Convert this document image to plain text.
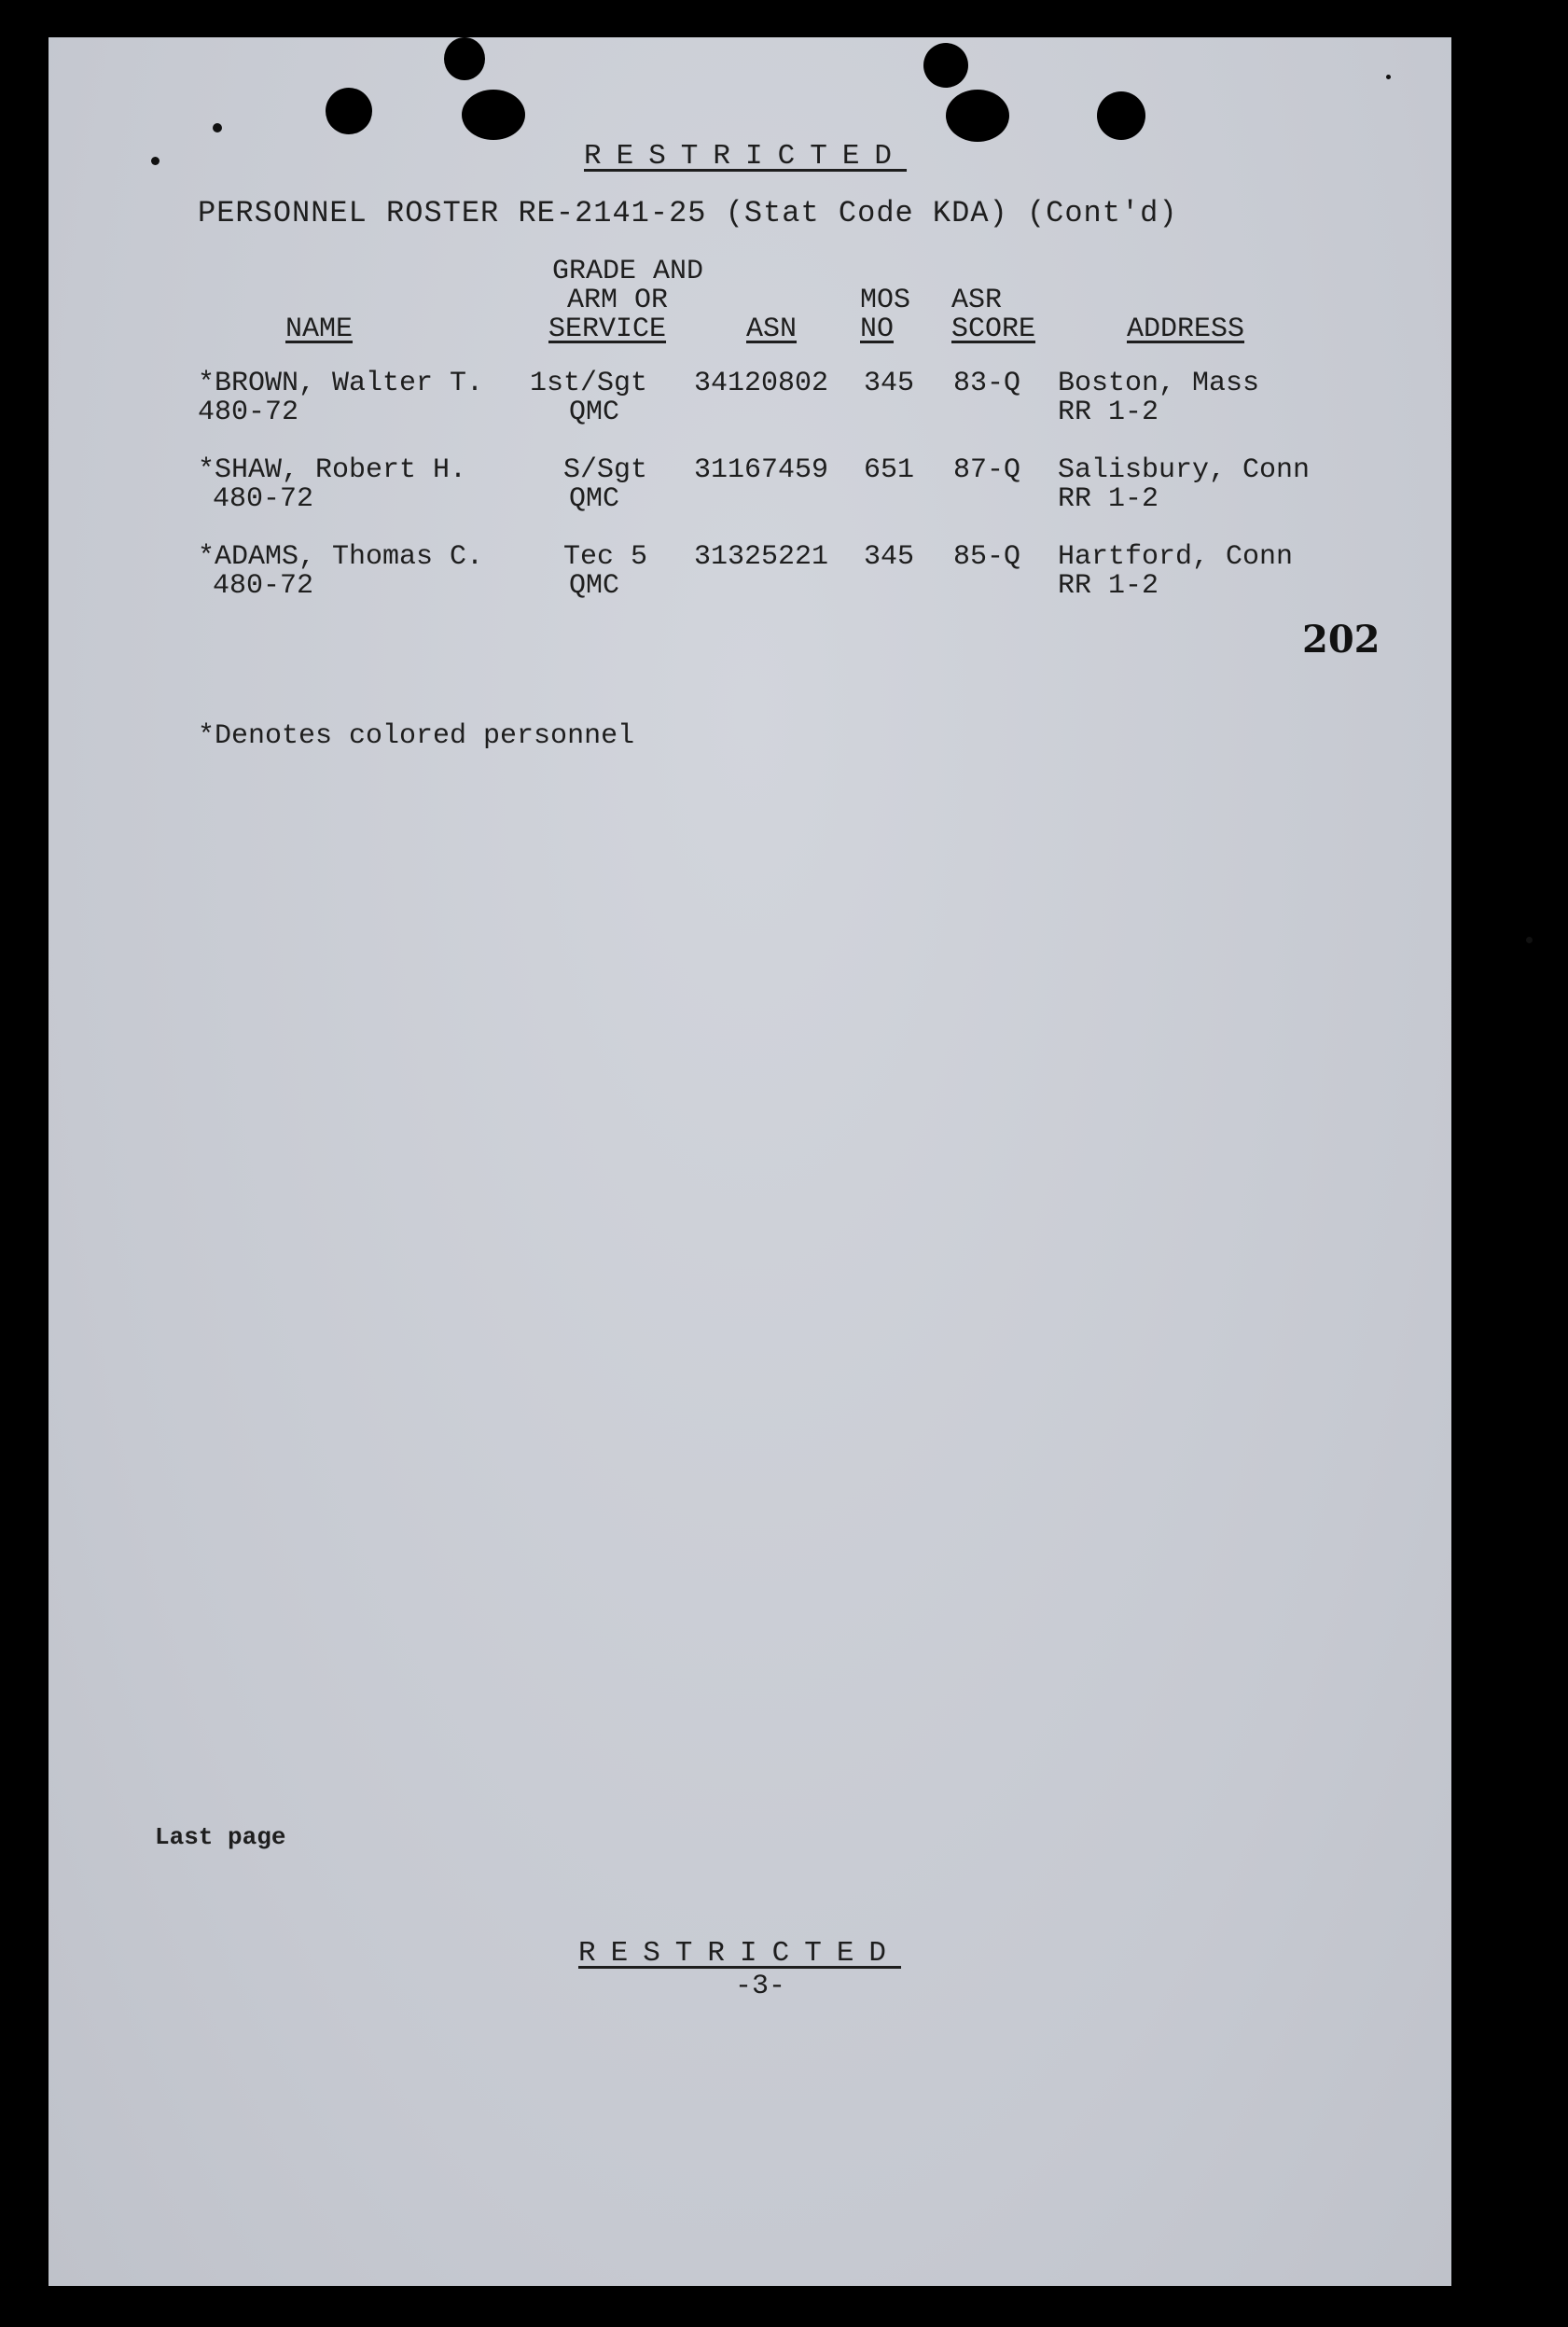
RESTRICTED
PERSONNEL ROSTER RE-2141-25 (Stat Code KDA) (Cont'd)
GRADE AND
ARM OR
SERVICE
NAME	ASN
MOS
NO
ASR
SCORE	ADDRESS
*BROWN, Walter T.
480-72
1st/Sgt
QMC
34120802 345 83-Q Boston, Mass
RR 1-2
*SHAW, Robert H.
480-72
S/Sgt
QMC
31167459 651 87-Q Salisbury, Conn
RR 1-2
*ADAMS, Thomas C.
480-72
Tec 5
QMC
31325221 345 85-Q Hartford, Conn
RR 1-2
202
*Denotes colored personnel
Last page
RESTRICTED
-3-
